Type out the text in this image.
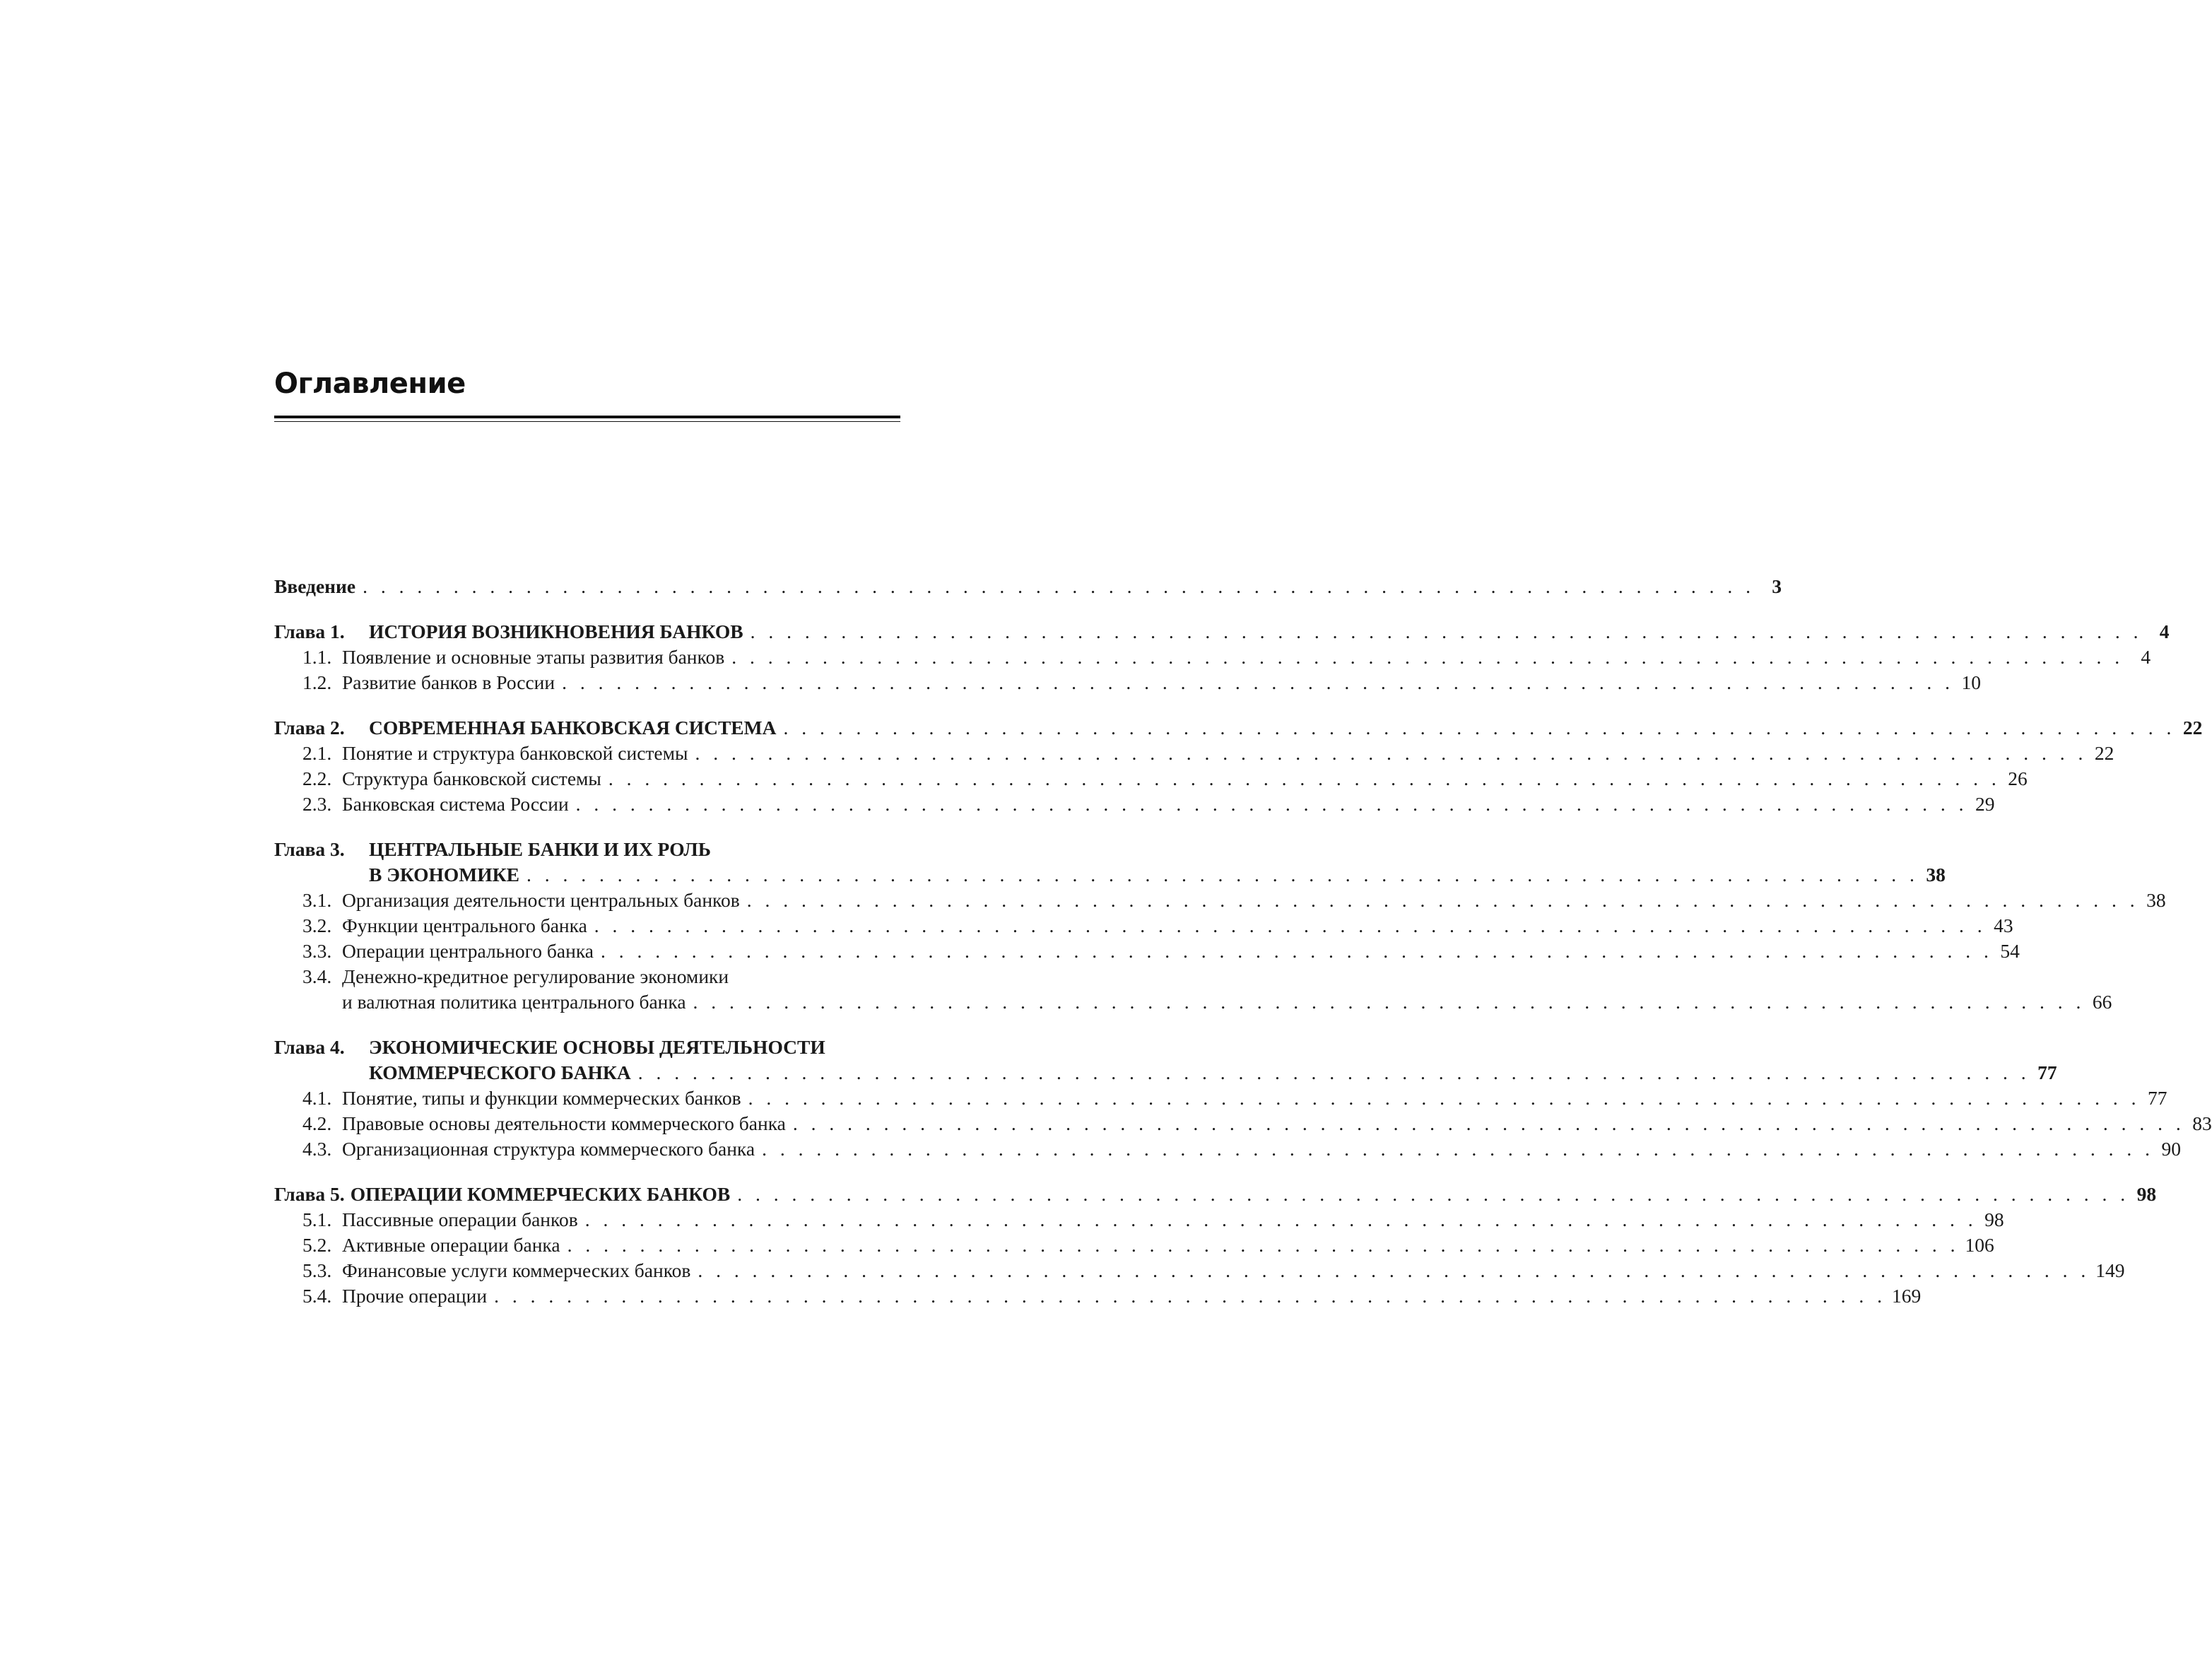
Оглавление
Введение . . . . . . . . . . . . . . . . . . . . . . . . . . . . . . . . . . . . . . . . . . . . . . . . . . . . . . . . . . . . . . . . . . . . . . . . . . . . . 3
Глава 1.	ИСТОРИЯ ВОЗНИКНОВЕНИЯ БАНКОВ . . . . . . . . . . . . . . . . . . . . . . . . . . . . . . . . . . . . . . . . . . . . . . . . . . . . . . . . . . . . . . . . . . . . . . . . . . . . . 4
1.1. Появление и основные этапы развития банков . . . . . . . . . . . . . . . . . . . . . . . . . . . . . . . . . . . . . . . . . . . . . . . . . . . . . . . . . . . . . . . . . . . . . . . . . . . . . 4
1.2. Развитие банков в России . . . . . . . . . . . . . . . . . . . . . . . . . . . . . . . . . . . . . . . . . . . . . . . . . . . . . . . . . . . . . . . . . . . . . . . . . . . . . 10
Глава 2.	СОВРЕМЕННАЯ БАНКОВСКАЯ СИСТЕМА . . . . . . . . . . . . . . . . . . . . . . . . . . . . . . . . . . . . . . . . . . . . . . . . . . . . . . . . . . . . . . . . . . . . . . . . . . . . . 22
2.1. Понятие и структура банковской системы . . . . . . . . . . . . . . . . . . . . . . . . . . . . . . . . . . . . . . . . . . . . . . . . . . . . . . . . . . . . . . . . . . . . . . . . . . . . . 22
2.2. Структура банковской системы . . . . . . . . . . . . . . . . . . . . . . . . . . . . . . . . . . . . . . . . . . . . . . . . . . . . . . . . . . . . . . . . . . . . . . . . . . . . . 26
2.3. Банковская система России . . . . . . . . . . . . . . . . . . . . . . . . . . . . . . . . . . . . . . . . . . . . . . . . . . . . . . . . . . . . . . . . . . . . . . . . . . . . . 29
Глава 3.	ЦЕНТРАЛЬНЫЕ БАНКИ И ИХ РОЛЬ
В ЭКОНОМИКЕ . . . . . . . . . . . . . . . . . . . . . . . . . . . . . . . . . . . . . . . . . . . . . . . . . . . . . . . . . . . . . . . . . . . . . . . . . . . . . 38
3.1. Организация деятельности центральных банков . . . . . . . . . . . . . . . . . . . . . . . . . . . . . . . . . . . . . . . . . . . . . . . . . . . . . . . . . . . . . . . . . . . . . . . . . . . . . 38
3.2. Функции центрального банка . . . . . . . . . . . . . . . . . . . . . . . . . . . . . . . . . . . . . . . . . . . . . . . . . . . . . . . . . . . . . . . . . . . . . . . . . . . . . 43
3.3. Операции центрального банка . . . . . . . . . . . . . . . . . . . . . . . . . . . . . . . . . . . . . . . . . . . . . . . . . . . . . . . . . . . . . . . . . . . . . . . . . . . . . 54
3.4. Денежно-кредитное регулирование экономики
и валютная политика центрального банка . . . . . . . . . . . . . . . . . . . . . . . . . . . . . . . . . . . . . . . . . . . . . . . . . . . . . . . . . . . . . . . . . . . . . . . . . . . . . 66
Глава 4.	ЭКОНОМИЧЕСКИЕ ОСНОВЫ ДЕЯТЕЛЬНОСТИ
КОММЕРЧЕСКОГО БАНКА . . . . . . . . . . . . . . . . . . . . . . . . . . . . . . . . . . . . . . . . . . . . . . . . . . . . . . . . . . . . . . . . . . . . . . . . . . . . . 77
4.1. Понятие, типы и функции коммерческих банков . . . . . . . . . . . . . . . . . . . . . . . . . . . . . . . . . . . . . . . . . . . . . . . . . . . . . . . . . . . . . . . . . . . . . . . . . . . . . 77
4.2. Правовые основы деятельности коммерческого банка . . . . . . . . . . . . . . . . . . . . . . . . . . . . . . . . . . . . . . . . . . . . . . . . . . . . . . . . . . . . . . . . . . . . . . . . . . . . . 83
4.3. Организационная структура коммерческого банка . . . . . . . . . . . . . . . . . . . . . . . . . . . . . . . . . . . . . . . . . . . . . . . . . . . . . . . . . . . . . . . . . . . . . . . . . . . . . 90
Глава 5. ОПЕРАЦИИ КОММЕРЧЕСКИХ БАНКОВ . . . . . . . . . . . . . . . . . . . . . . . . . . . . . . . . . . . . . . . . . . . . . . . . . . . . . . . . . . . . . . . . . . . . . . . . . . . . . 98
5.1. Пассивные операции банков . . . . . . . . . . . . . . . . . . . . . . . . . . . . . . . . . . . . . . . . . . . . . . . . . . . . . . . . . . . . . . . . . . . . . . . . . . . . . 98
5.2. Активные операции банка . . . . . . . . . . . . . . . . . . . . . . . . . . . . . . . . . . . . . . . . . . . . . . . . . . . . . . . . . . . . . . . . . . . . . . . . . . . . . 106
5.3. Финансовые услуги коммерческих банков . . . . . . . . . . . . . . . . . . . . . . . . . . . . . . . . . . . . . . . . . . . . . . . . . . . . . . . . . . . . . . . . . . . . . . . . . . . . . 149
5.4. Прочие операции . . . . . . . . . . . . . . . . . . . . . . . . . . . . . . . . . . . . . . . . . . . . . . . . . . . . . . . . . . . . . . . . . . . . . . . . . . . . . 169
